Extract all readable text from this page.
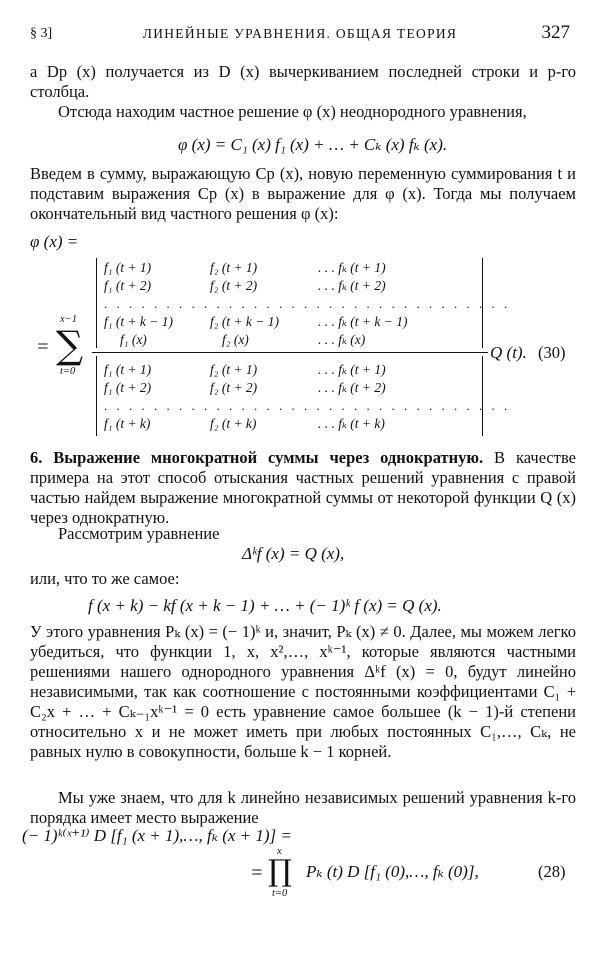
§ 3]	ЛИНЕЙНЫЕ УРАВНЕНИЯ. ОБЩАЯ ТЕОРИЯ	327
а Dp (x) получается из D (x) вычеркиванием последней строки и p-го столбца.
Отсюда находим частное решение φ (x) неоднородного уравнения,
φ (x) = C₁ (x) f₁ (x) + … + Cₖ (x) fₖ (x).
Введем в сумму, выражающую Cp (x), новую переменную суммирования t и подставим выражения Cp (x) в выражение для φ (x). Тогда мы получаем окончательный вид частного решения φ (x):
φ (x) =
= ∑
x−1
t=0
f₁ (t + 1)	f₂ (t + 1)	. . . fₖ (t + 1)
f₁ (t + 2)	f₂ (t + 2)	. . . fₖ (t + 2)
. . . . . . . . . . . . . . . . . . . . . . . . . . . . . . . . .
f₁ (t + k − 1)	f₂ (t + k − 1)	. . . fₖ (t + k − 1)
f₁ (x)	f₂ (x)	. . . fₖ (x)
f₁ (t + 1)	f₂ (t + 1)	. . . fₖ (t + 1)
f₁ (t + 2)	f₂ (t + 2)	. . . fₖ (t + 2)
. . . . . . . . . . . . . . . . . . . . . . . . . . . . . . . . .
f₁ (t + k)	f₂ (t + k)	. . . fₖ (t + k)
Q (t). (30)
6. Выражение многократной суммы через однократную. В качестве примера на этот способ отыскания частных решений уравнения с правой частью найдем выражение многократной суммы от некоторой функции Q (x) через однократную.
Рассмотрим уравнение
Δᵏf (x) = Q (x),
или, что то же самое:
f (x + k) − kf (x + k − 1) + … + (− 1)ᵏ f (x) = Q (x).
У этого уравнения Pₖ (x) = (− 1)ᵏ и, значит, Pₖ (x) ≠ 0. Далее, мы можем легко убедиться, что функции 1, x, x²,…, xᵏ⁻¹, которые являются частными решениями нашего однородного уравнения Δᵏf (x) = 0, будут линейно независимыми, так как соотношение с постоянными коэффициентами C₁ + C₂x + … + Cₖ₋₁xᵏ⁻¹ = 0 есть уравнение самое большее (k − 1)-й степени относительно x и не может иметь при любых постоянных C₁,…, Cₖ, не равных нулю в совокупности, больше k − 1 корней.
Мы уже знаем, что для k линейно независимых решений уравнения k-го порядка имеет место выражение
(− 1)ᵏ⁽ˣ⁺¹⁾ D [f₁ (x + 1),…, fₖ (x + 1)] =
x
= ∏
t=0
Pₖ (t) D [f₁ (0),…, fₖ (0)],	(28)
